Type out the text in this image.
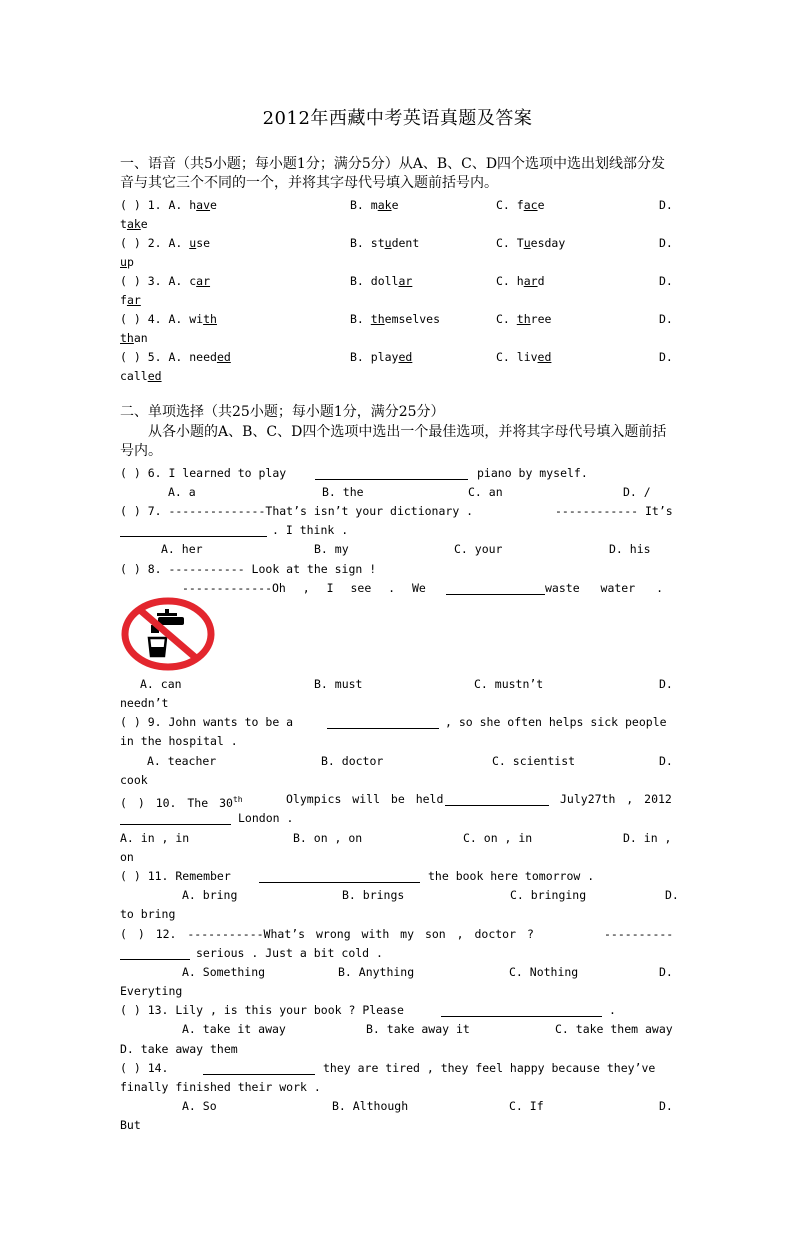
2012年西藏中考英语真题及答案
一、语音（共5小题；每小题1分；满分5分）从A、B、C、D四个选项中选出划线部分发
音与其它三个不同的一个，并将其字母代号填入题前括号内。
( ) 1. A. have	B. make	C. face	D.
take
( ) 2. A. use	B. student	C. Tuesday	D.
up
( ) 3. A. car	B. dollar	C. hard	D.
far
( ) 4. A. with	B. themselves	C. three	D.
than
( ) 5. A. needed	B. played	C. lived	D.
called
二、单项选择（共25小题；每小题1分，满分25分）
从各小题的A、B、C、D四个选项中选出一个最佳选项，并将其字母代号填入题前括
号内。
( ) 6. I learned to play	piano by myself.
A. a	B. the	C. an	D. /
( ) 7. --------------That’s isn’t your dictionary .	------------ It’s
. I think .
A. her	B. my	C. your	D. his
( ) 8. ----------- Look at the sign !
-------------Oh , I see . We	waste water .
A. can	B. must	C. mustn’t	D.
needn’t
( ) 9. John wants to be a	, so she often helps sick people
in the hospital .
A. teacher	B. doctor	C. scientist	D.
cook
( ) 10. The 30th	Olympics will be held	July27th , 2012
London .
A. in , in	B. on , on	C. on , in	D. in ,
on
( ) 11. Remember	the book here tomorrow .
A. bring	B. brings	C. bringing	D.
to bring
( ) 12. -----------What’s wrong with my son , doctor ?	----------
serious . Just a bit cold .
A. Something	B. Anything	C. Nothing	D.
Everyting
( ) 13. Lily , is this your book ? Please	.
A. take it away	B. take away it	C. take them away
D. take away them
( ) 14.	they are tired , they feel happy because they’ve
finally finished their work .
A. So	B. Although	C. If	D.
But
